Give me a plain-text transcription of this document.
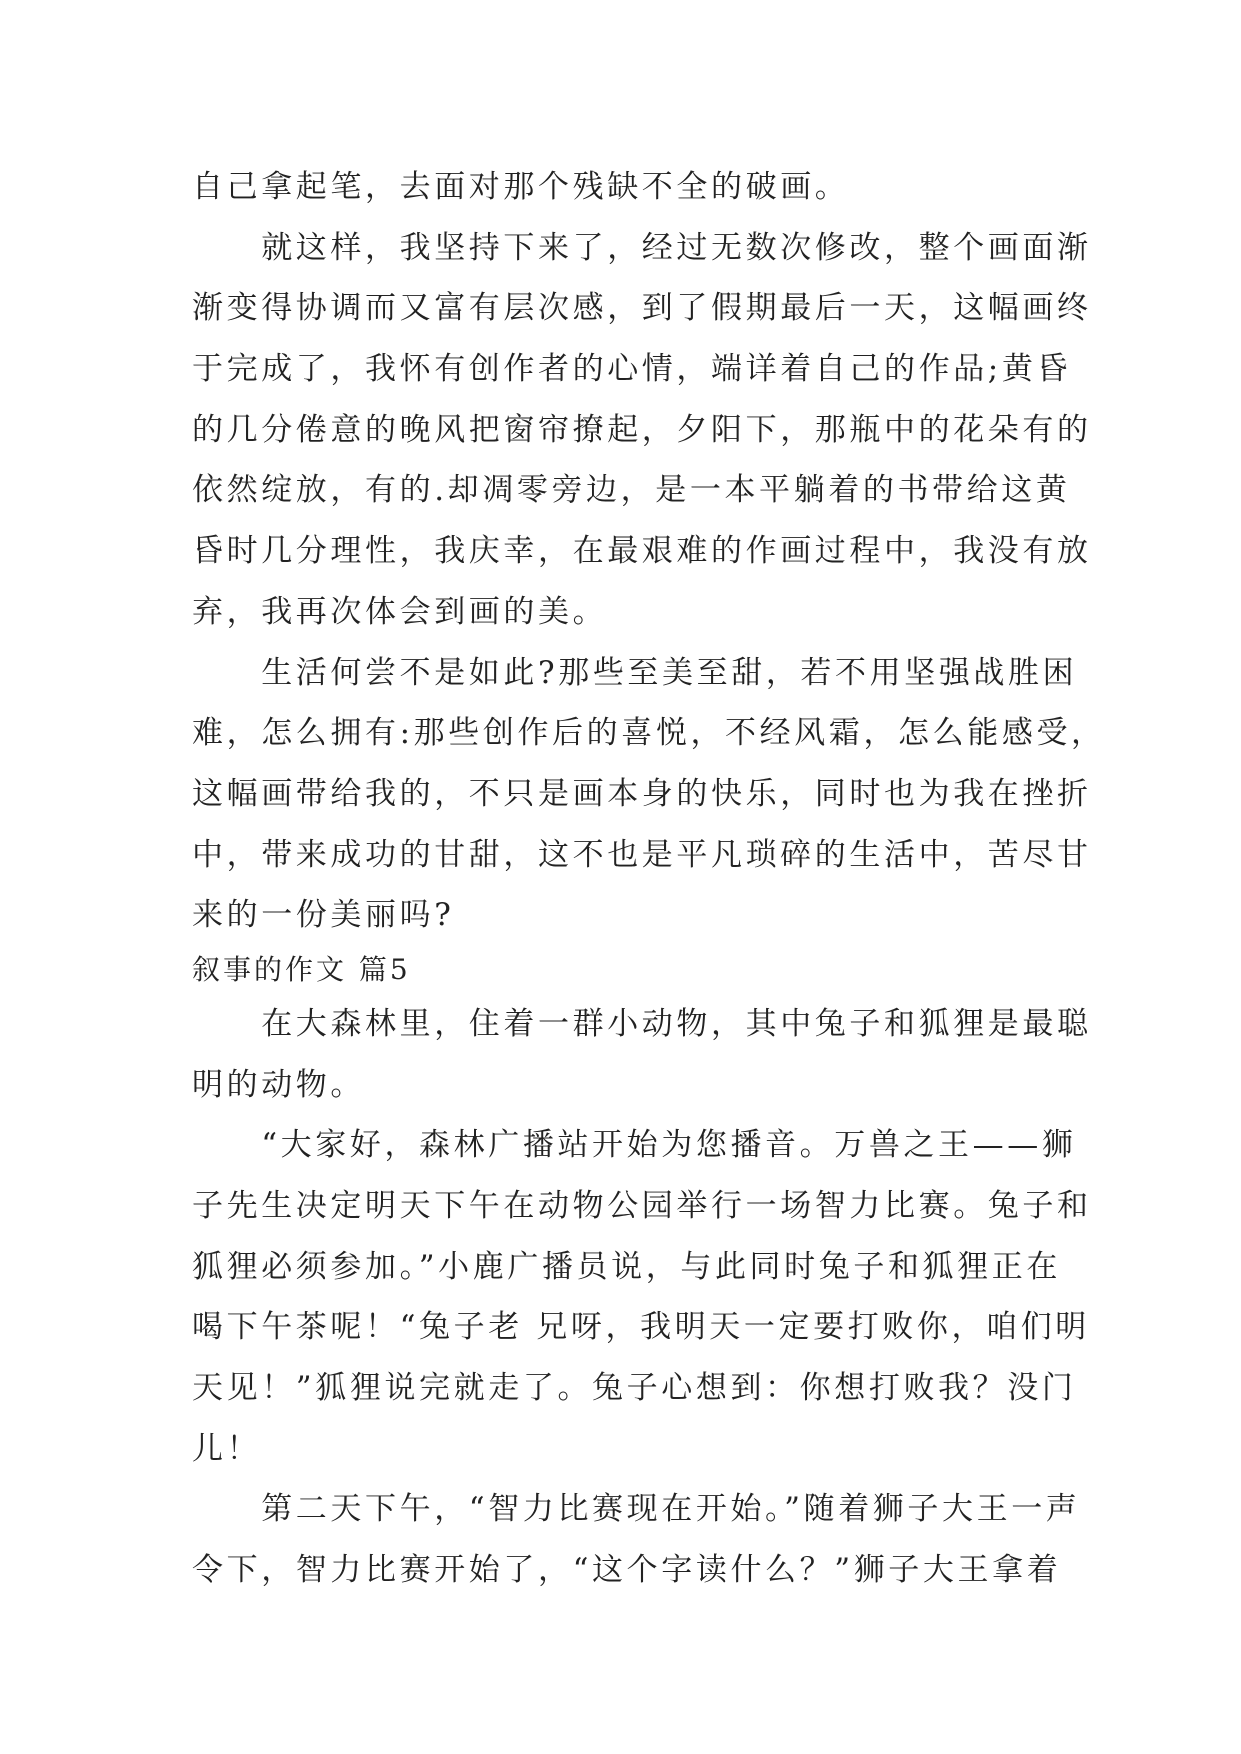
自己拿起笔，去面对那个残缺不全的破画。
　　就这样，我坚持下来了，经过无数次修改，整个画面渐
渐变得协调而又富有层次感，到了假期最后一天，这幅画终
于完成了，我怀有创作者的心情，端详着自己的作品;黄昏
的几分倦意的晚风把窗帘撩起，夕阳下，那瓶中的花朵有的
依然绽放，有的.却凋零旁边，是一本平躺着的书带给这黄
昏时几分理性，我庆幸，在最艰难的作画过程中，我没有放
弃，我再次体会到画的美。
　　生活何尝不是如此?那些至美至甜，若不用坚强战胜困
难，怎么拥有:那些创作后的喜悦，不经风霜，怎么能感受，
这幅画带给我的，不只是画本身的快乐，同时也为我在挫折
中，带来成功的甘甜，这不也是平凡琐碎的生活中，苦尽甘
来的一份美丽吗?
叙事的作文 篇5
　　在大森林里，住着一群小动物，其中兔子和狐狸是最聪
明的动物。
　　“大家好，森林广播站开始为您播音。万兽之王——狮
子先生决定明天下午在动物公园举行一场智力比赛。兔子和
狐狸必须参加。”小鹿广播员说，与此同时兔子和狐狸正在
喝下午茶呢！“兔子老 兄呀，我明天一定要打败你，咱们明
天见！”狐狸说完就走了。兔子心想到：你想打败我？没门
儿！
　　第二天下午，“智力比赛现在开始。”随着狮子大王一声
令下，智力比赛开始了，“这个字读什么？”狮子大王拿着
